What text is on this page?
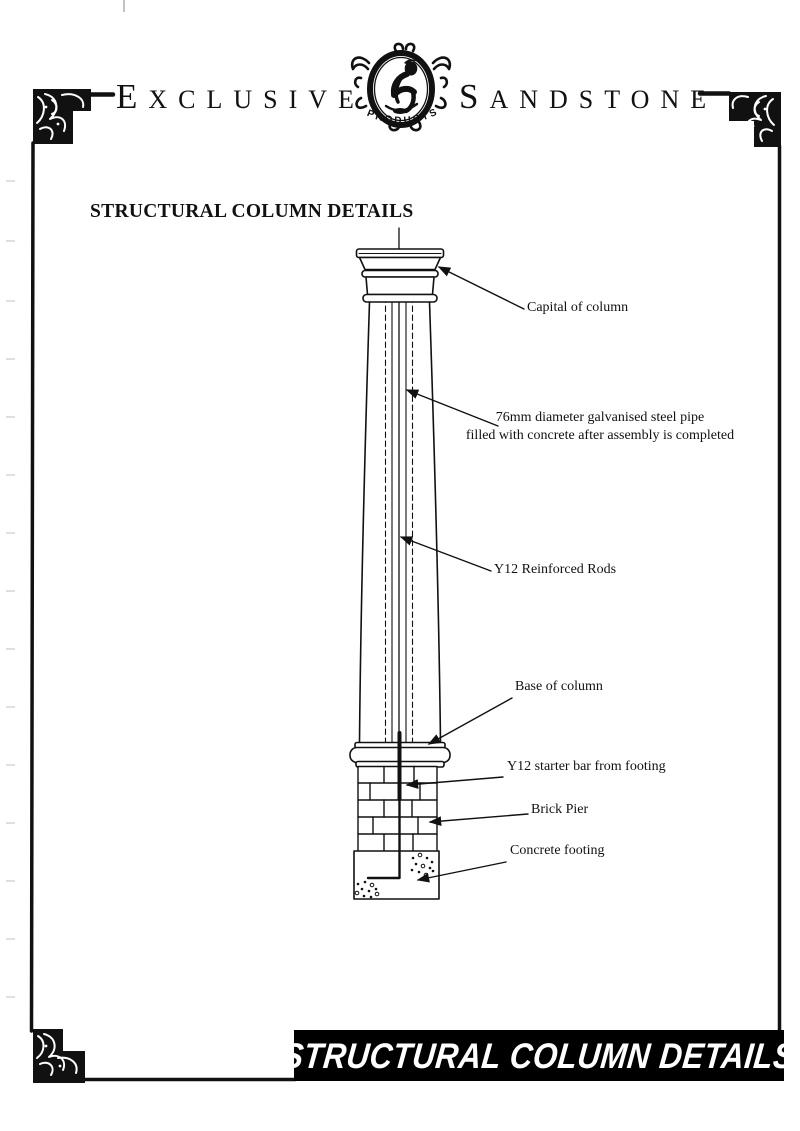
PRODUCTS
EXCLUSIVE	SANDSTONE
STRUCTURAL COLUMN DETAILS
Capital of column
76mm diameter galvanised steel pipe
filled with concrete after assembly is completed
Y12 Reinforced Rods
Base of column
Y12 starter bar from footing
Brick Pier
Concrete footing
STRUCTURAL COLUMN DETAILS
